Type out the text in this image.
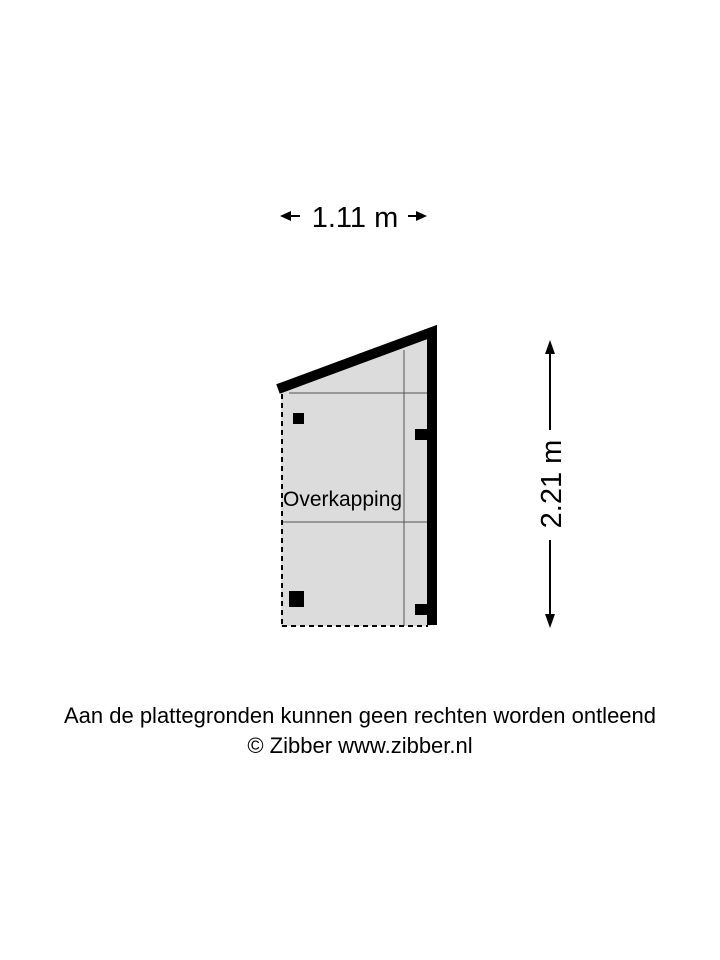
Overkapping
1.11 m
2.21 m
Aan de plattegronden kunnen geen rechten worden ontleend
© Zibber www.zibber.nl
